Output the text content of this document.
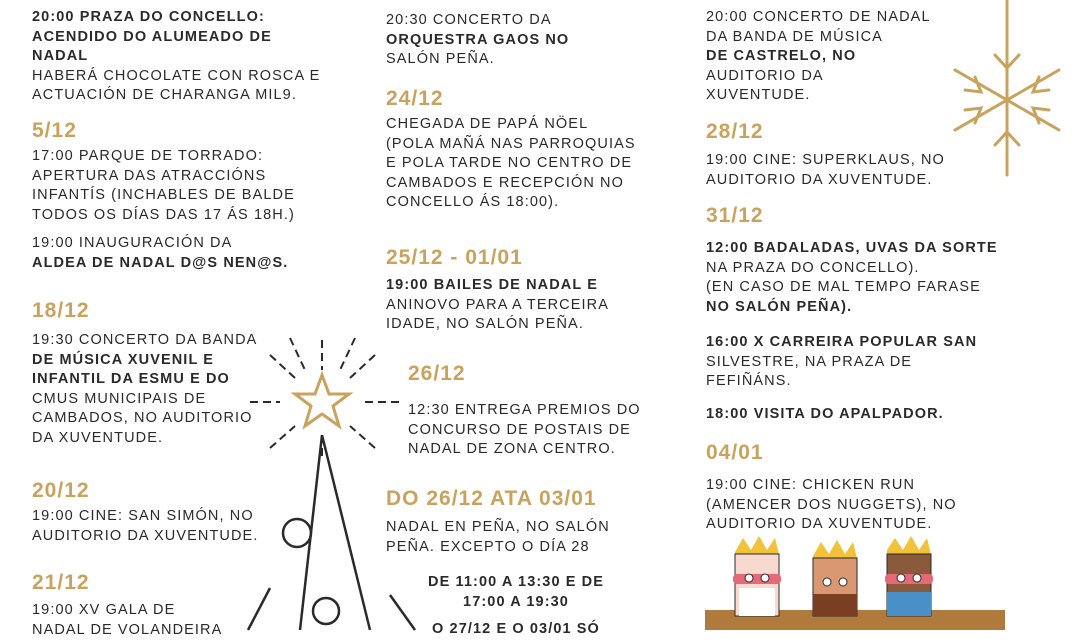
20:00 PRAZA DO CONCELLO:
ACENDIDO DO ALUMEADO DE
NADAL
HABERÁ CHOCOLATE CON ROSCA E
ACTUACIÓN DE CHARANGA MIL9.

5/12

17:00 PARQUE DE TORRADO:
APERTURA DAS ATRACCIÓNS
INFANTÍS (INCHABLES DE BALDE
TODOS OS DÍAS DAS 17 ÁS 18H.)

19:00 INAUGURACIÓN DA
ALDEA DE NADAL D@S NEN@S.

18/12

19:30 CONCERTO DA BANDA
DE MÚSICA XUVENIL E
INFANTIL DA ESMU E DO
CMUS MUNICIPAIS DE
CAMBADOS, NO AUDITORIO
DA XUVENTUDE.

20/12

19:00 CINE: SAN SIMÓN, NO
AUDITORIO DA XUVENTUDE.

21/12

19:00 XV GALA DE
NADAL DE VOLANDEIRA

20:30 CONCERTO DA
ORQUESTRA GAOS NO
SALÓN PEÑA.

24/12

CHEGADA DE PAPÁ NÖEL
(POLA MAÑÁ NAS PARROQUIAS
E POLA TARDE NO CENTRO DE
CAMBADOS E RECEPCIÓN NO
CONCELLO ÁS 18:00).

25/12 - 01/01

19:00 BAILES DE NADAL E
ANINOVO PARA A TERCEIRA
IDADE, NO SALÓN PEÑA.

26/12

12:30 ENTREGA PREMIOS DO
CONCURSO DE POSTAIS DE
NADAL DE ZONA CENTRO.

DO 26/12 ATA 03/01

NADAL EN PEÑA, NO SALÓN
PEÑA. EXCEPTO O DÍA 28

DE 11:00 A 13:30 E DE
17:00 A 19:30

O 27/12 E O 03/01 SÓ

20:00 CONCERTO DE NADAL
DA BANDA DE MÚSICA
DE CASTRELO, NO
AUDITORIO DA
XUVENTUDE.

28/12

19:00 CINE: SUPERKLAUS, NO
AUDITORIO DA XUVENTUDE.

31/12

12:00 BADALADAS, UVAS DA SORTE
NA PRAZA DO CONCELLO).
(EN CASO DE MAL TEMPO FARASE
NO SALÓN PEÑA).

16:00 X CARREIRA POPULAR SAN
SILVESTRE, NA PRAZA DE
FEFIÑÁNS.

18:00 VISITA DO APALPADOR.

04/01

19:00 CINE: CHICKEN RUN
(AMENCER DOS NUGGETS), NO
AUDITORIO DA XUVENTUDE.
